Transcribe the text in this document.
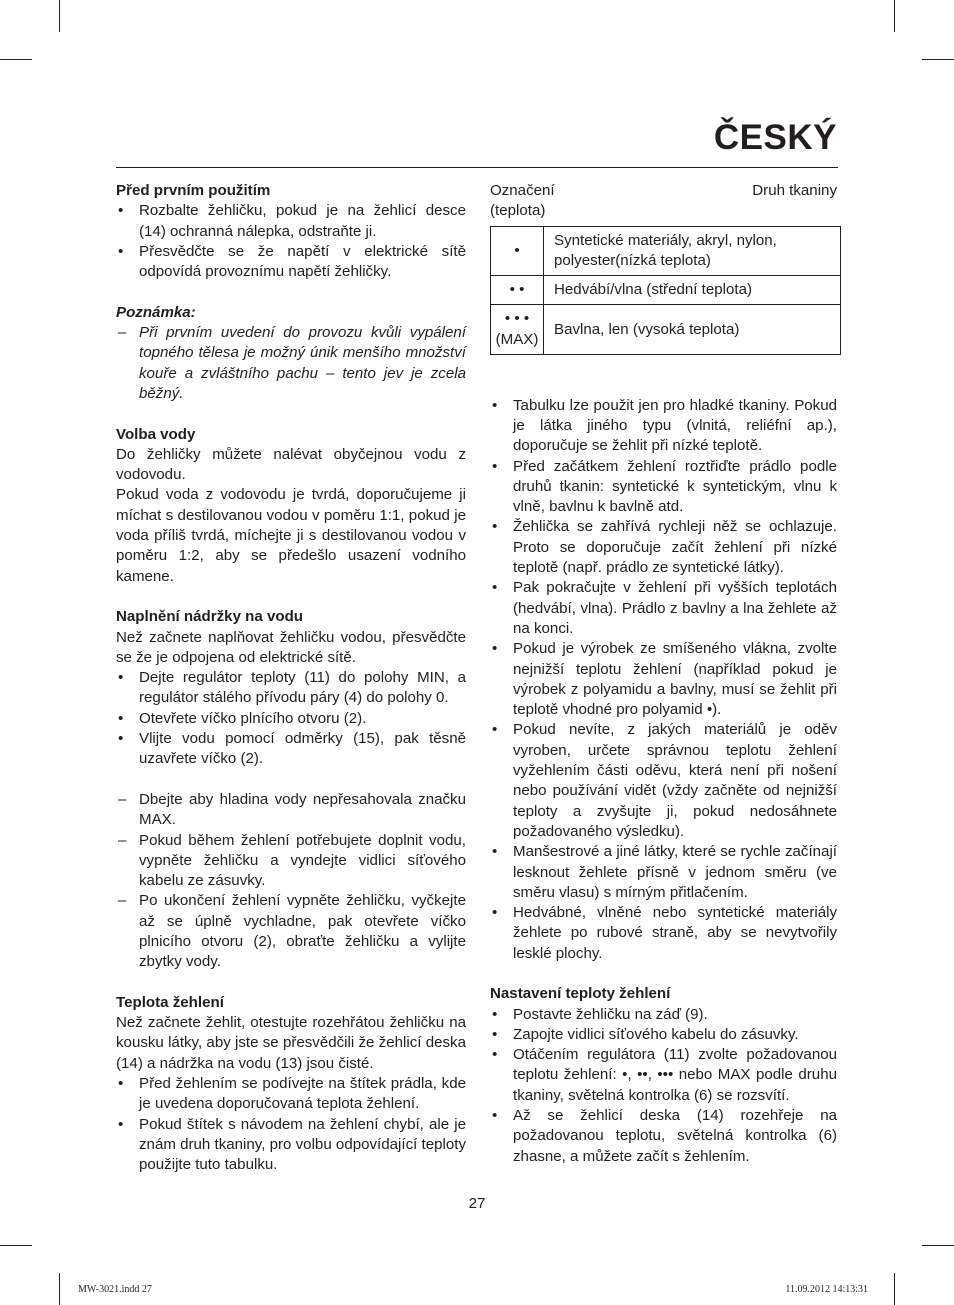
ČESKÝ
Před prvním použitím
• Rozbalte žehličku, pokud je na žehlicí desce (14) ochranná nálepka, odstraňte ji.
• Přesvědčte se že napětí v elektrické sítě odpovídá provoznímu napětí žehličky.
Poznámka:
– Při prvním uvedení do provozu kvůli vypálení topného tělesa je možný únik menšího množství kouře a zvláštního pachu – tento jev je zcela běžný.
Volba vody

Do žehličky můžete nalévat obyčejnou vodu z vodovodu.

Pokud voda z vodovodu je tvrdá, doporučujeme ji míchat s destilovanou vodou v poměru 1:1, pokud je voda příliš tvrdá, míchejte ji s destilovanou vodou v poměru 1:2, aby se předešlo usazení vodního kamene.

Naplnění nádržky na vodu

Než začnete naplňovat žehličku vodou, přesvědčte se že je odpojena od elektrické sítě.

• Dejte regulátor teploty (11) do polohy MIN, a regulátor stálého přívodu páry (4) do polohy 0.
• Otevřete víčko plnícího otvoru (2).
• Vlijte vodu pomocí odměrky (15), pak těsně uzavřete víčko (2).
– Dbejte aby hladina vody nepřesahovala značku MAX.
– Pokud během žehlení potřebujete doplnit vodu, vypněte žehličku a vyndejte vidlici síťového kabelu ze zásuvky.
– Po ukončení žehlení vypněte žehličku, vyčkejte až se úplně vychladne, pak otevřete víčko plnicího otvoru (2), obraťte žehličku a vylijte zbytky vody.
Teplota žehlení

Než začnete žehlit, otestujte rozehřátou žehličku na kousku látky, aby jste se přesvědčili že žehlicí deska (14) a nádržka na vodu (13) jsou čisté.

• Před žehlením se podívejte na štítek prádla, kde je uvedena doporučovaná teplota žehlení.
• Pokud štítek s návodem na žehlení chybí, ale je znám druh tkaniny, pro volbu odpovídající teploty použijte tuto tabulku.
Označení (teplota)
Druh tkaniny
•	Syntetické materiály, akryl, nylon, polyester(nízká teplota)

• •	Hedvábí/vlna (střední teplota)

• • •
(MAX)	Bavlna, len (vysoká teplota)
• Tabulku lze použit jen pro hladké tkaniny. Pokud je látka jiného typu (vlnitá, reliéfní ap.), doporučuje se žehlit při nízké teplotě.
• Před začátkem žehlení roztřiďte prádlo podle druhů tkanin: syntetické k syntetickým, vlnu k vlně, bavlnu k bavlně atd.
• Žehlička se zahřívá rychleji něž se ochlazuje. Proto se doporučuje začít žehlení při nízké teplotě (např. prádlo ze syntetické látky).
• Pak pokračujte v žehlení při vyšších teplotách (hedvábí, vlna). Prádlo z bavlny a lna žehlete až na konci.
• Pokud je výrobek ze smíšeného vlákna, zvolte nejnižší teplotu žehlení (například pokud je výrobek z polyamidu a bavlny, musí se žehlit při teplotě vhodné pro polyamid •).
• Pokud nevíte, z jakých materiálů je oděv vyroben, určete správnou teplotu žehlení vyžehlením části oděvu, která není při nošení nebo používání vidět (vždy začněte od nejnižší teploty a zvyšujte ji, pokud nedosáhnete požadovaného výsledku).
• Manšestrové a jiné látky, které se rychle začínají lesknout žehlete přísně v jednom směru (ve směru vlasu) s mírným přitlačením.
• Hedvábné, vlněné nebo syntetické materiály žehlete po rubové straně, aby se nevytvořily lesklé plochy.
Nastavení teploty žehlení
• Postavte žehličku na záď (9).
• Zapojte vidlici síťového kabelu do zásuvky.
• Otáčením regulátora (11) zvolte požadovanou teplotu žehlení: •, ••, ••• nebo MAX podle druhu tkaniny, světelná kontrolka (6) se rozsvítí.
• Až se žehlicí deska (14) rozehřeje na požadovanou teplotu, světelná kontrolka (6) zhasne, a můžete začít s žehlením.
27
MW-3021.indd 27	11.09.2012 14:13:31
